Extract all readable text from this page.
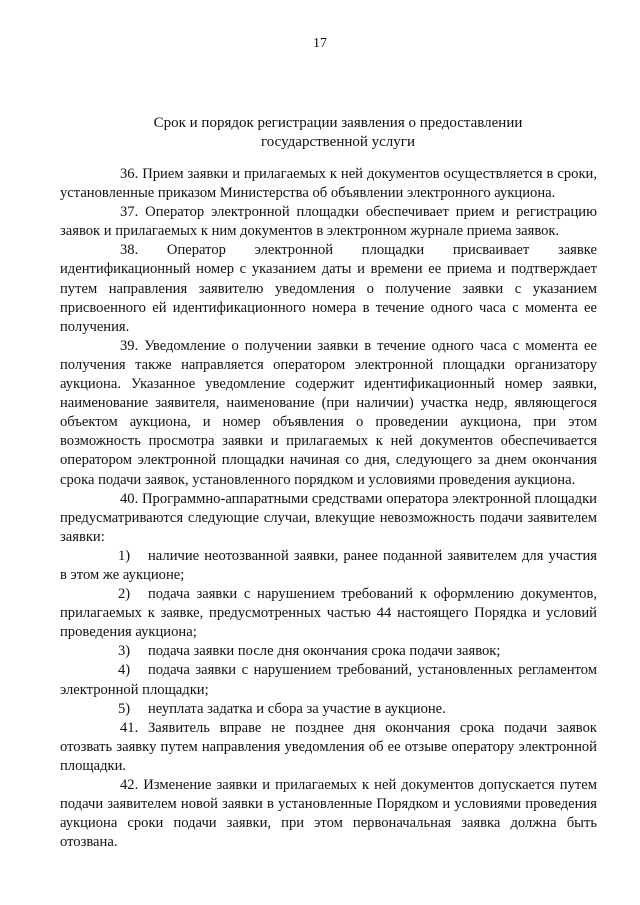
17
Срок и порядок регистрации заявления о предоставлении
государственной услуги

36. Прием заявки и прилагаемых к ней документов осуществляется в сроки, установленные приказом Министерства об объявлении электронного аукциона.

37. Оператор электронной площадки обеспечивает прием и регистрацию заявок и прилагаемых к ним документов в электронном журнале приема заявок.

38. Оператор электронной площадки присваивает заявке идентификационный номер с указанием даты и времени ее приема и подтверждает путем направления заявителю уведомления о получение заявки с указанием присвоенного ей идентификационного номера в течение одного часа с момента ее получения.

39. Уведомление о получении заявки в течение одного часа с момента ее получения также направляется оператором электронной площадки организатору аукциона. Указанное уведомление содержит идентификационный номер заявки, наименование заявителя, наименование (при наличии) участка недр, являющегося объектом аукциона, и номер объявления о проведении аукциона, при этом возможность просмотра заявки и прилагаемых к ней документов обеспечивается оператором электронной площадки начиная со дня, следующего за днем окончания срока подачи заявок, установленного порядком и условиями проведения аукциона.

40. Программно-аппаратными средствами оператора электронной площадки предусматриваются следующие случаи, влекущие невозможность подачи заявителем заявки:

1) наличие неотозванной заявки, ранее поданной заявителем для участия в этом же аукционе;

2) подача заявки с нарушением требований к оформлению документов, прилагаемых к заявке, предусмотренных частью 44 настоящего Порядка и условий проведения аукциона;

3) подача заявки после дня окончания срока подачи заявок;

4) подача заявки с нарушением требований, установленных регламентом электронной площадки;

5) неуплата задатка и сбора за участие в аукционе.

41. Заявитель вправе не позднее дня окончания срока подачи заявок отозвать заявку путем направления уведомления об ее отзыве оператору электронной площадки.

42. Изменение заявки и прилагаемых к ней документов допускается путем подачи заявителем новой заявки в установленные Порядком и условиями проведения аукциона сроки подачи заявки, при этом первоначальная заявка должна быть отозвана.
